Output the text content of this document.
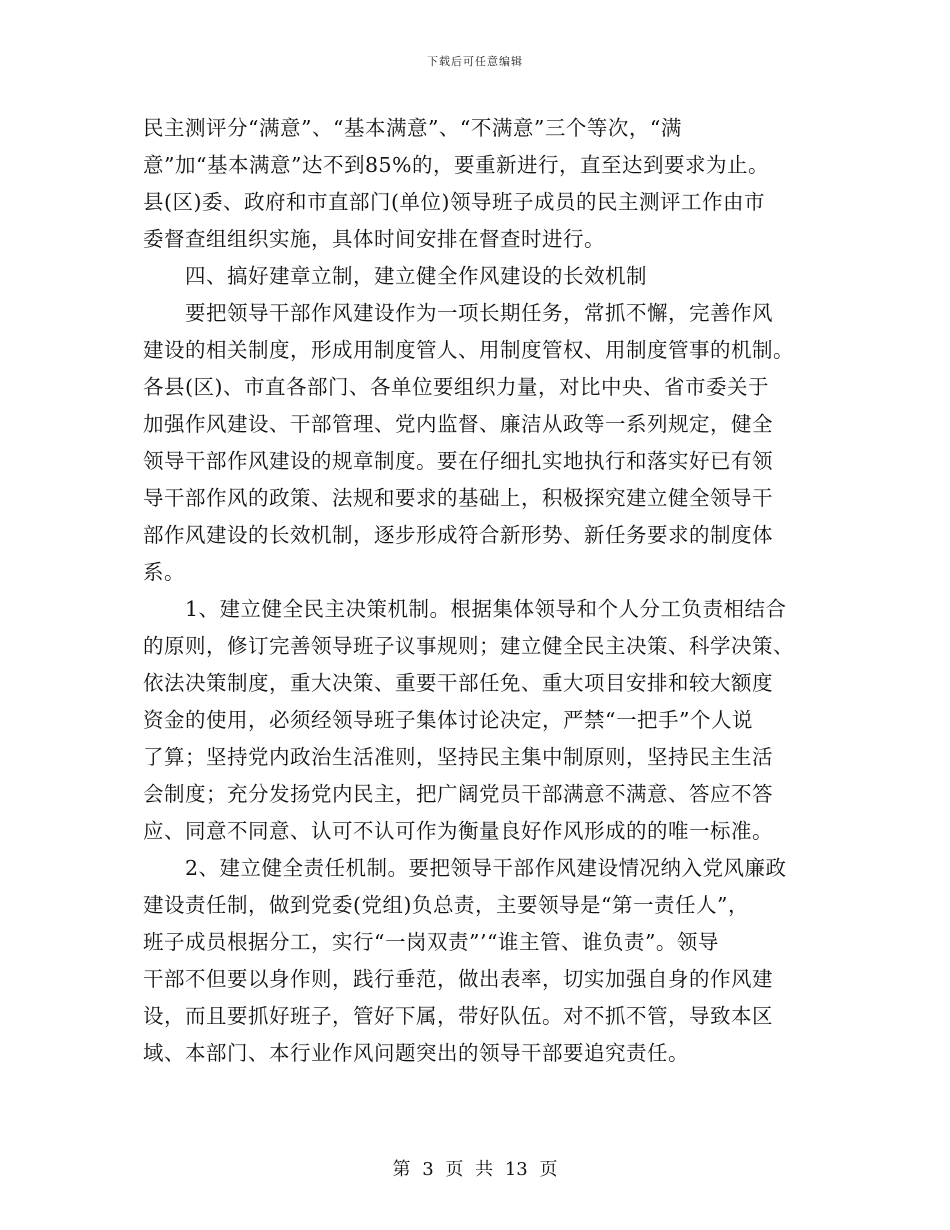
下载后可任意编辑
民主测评分“满意”、“基本满意”、“不满意”三个等次，“满
意”加“基本满意”达不到85%的，要重新进行，直至达到要求为止。
县(区)委、政府和市直部门(单位)领导班子成员的民主测评工作由市
委督查组组织实施，具体时间安排在督查时进行。
四、搞好建章立制，建立健全作风建设的长效机制
要把领导干部作风建设作为一项长期任务，常抓不懈，完善作风
建设的相关制度，形成用制度管人、用制度管权、用制度管事的机制。
各县(区)、市直各部门、各单位要组织力量，对比中央、省市委关于
加强作风建设、干部管理、党内监督、廉洁从政等一系列规定，健全
领导干部作风建设的规章制度。要在仔细扎实地执行和落实好已有领
导干部作风的政策、法规和要求的基础上，积极探究建立健全领导干
部作风建设的长效机制，逐步形成符合新形势、新任务要求的制度体
系。
1、建立健全民主决策机制。根据集体领导和个人分工负责相结合
的原则，修订完善领导班子议事规则；建立健全民主决策、科学决策、
依法决策制度，重大决策、重要干部任免、重大项目安排和较大额度
资金的使用，必须经领导班子集体讨论决定，严禁“一把手”个人说
了算；坚持党内政治生活准则，坚持民主集中制原则，坚持民主生活
会制度；充分发扬党内民主，把广阔党员干部满意不满意、答应不答
应、同意不同意、认可不认可作为衡量良好作风形成的的唯一标准。
2、建立健全责任机制。要把领导干部作风建设情况纳入党风廉政
建设责任制，做到党委(党组)负总责，主要领导是“第一责任人”，
班子成员根据分工，实行“一岗双责”’“谁主管、谁负责”。领导
干部不但要以身作则，践行垂范，做出表率，切实加强自身的作风建
设，而且要抓好班子，管好下属，带好队伍。对不抓不管，导致本区
域、本部门、本行业作风问题突出的领导干部要追究责任。
第 3 页 共 13 页
